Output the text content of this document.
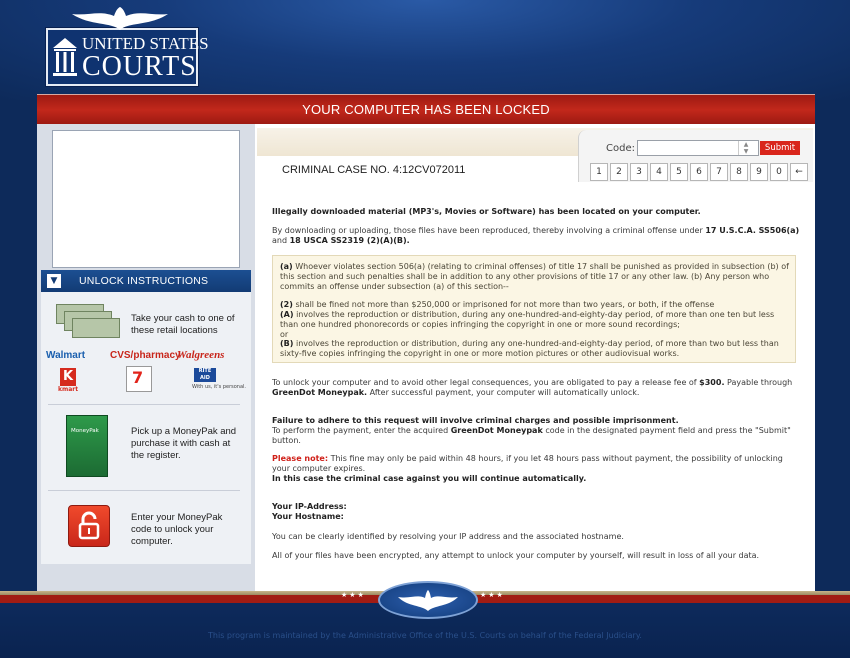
UNITED STATES
COURTS
YOUR COMPUTER HAS BEEN LOCKED
▼	UNLOCK INSTRUCTIONS
Take your cash to one of these retail locations
Walmart CVS/pharmacy
Walgreens
K
kmart
7	RITE AID
With us, it's personal.
MoneyPak	Pick up a MoneyPak and purchase it with cash at the register.
Enter your MoneyPak code to unlock your computer.
CRIMINAL CASE NO. 4:12CV072011
Code:	▲
▼	Submit
1	2	3	4	5	6	7	8	9	0	←
Illegally downloaded material (MP3's, Movies or Software) has been located on your computer.
By downloading or uploading, those files have been reproduced, thereby involving a criminal offense under 17 U.S.C.A. SS506(a) and 18 USCA SS2319 (2)(A)(B).
(a) Whoever violates section 506(a) (relating to criminal offenses) of title 17 shall be punished as provided in subsection (b) of this section and such penalties shall be in addition to any other provisions of title 17 or any other law. (b) Any person who commits an offense under subsection (a) of this section--
(2) shall be fined not more than $250,000 or imprisoned for not more than two years, or both, if the offense
(A) involves the reproduction or distribution, during any one-hundred-and-eighty-day period, of more than one ten but less than one hundred phonorecords or copies infringing the copyright in one or more sound recordings;
or
(B) involves the reproduction or distribution, during any one-hundred-and-eighty-day period, of more than two but less than sixty-five copies infringing the copyright in one or more motion pictures or other audiovisual works.
To unlock your computer and to avoid other legal consequences, you are obligated to pay a release fee of $300. Payable through GreenDot Moneypak. After successful payment, your computer will automatically unlock.
Failure to adhere to this request will involve criminal charges and possible imprisonment.
To perform the payment, enter the acquired GreenDot Moneypak code in the designated payment field and press the "Submit" button.
Please note: This fine may only be paid within 48 hours, if you let 48 hours pass without payment, the possibility of unlocking your computer expires.
In this case the criminal case against you will continue automatically.
Your IP-Address:
Your Hostname:
You can be clearly identified by resolving your IP address and the associated hostname.
All of your files have been encrypted, any attempt to unlock your computer by yourself, will result in loss of all your data.
★★★	★★★
This program is maintained by the Administrative Office of the U.S. Courts on behalf of the Federal Judiciary.
